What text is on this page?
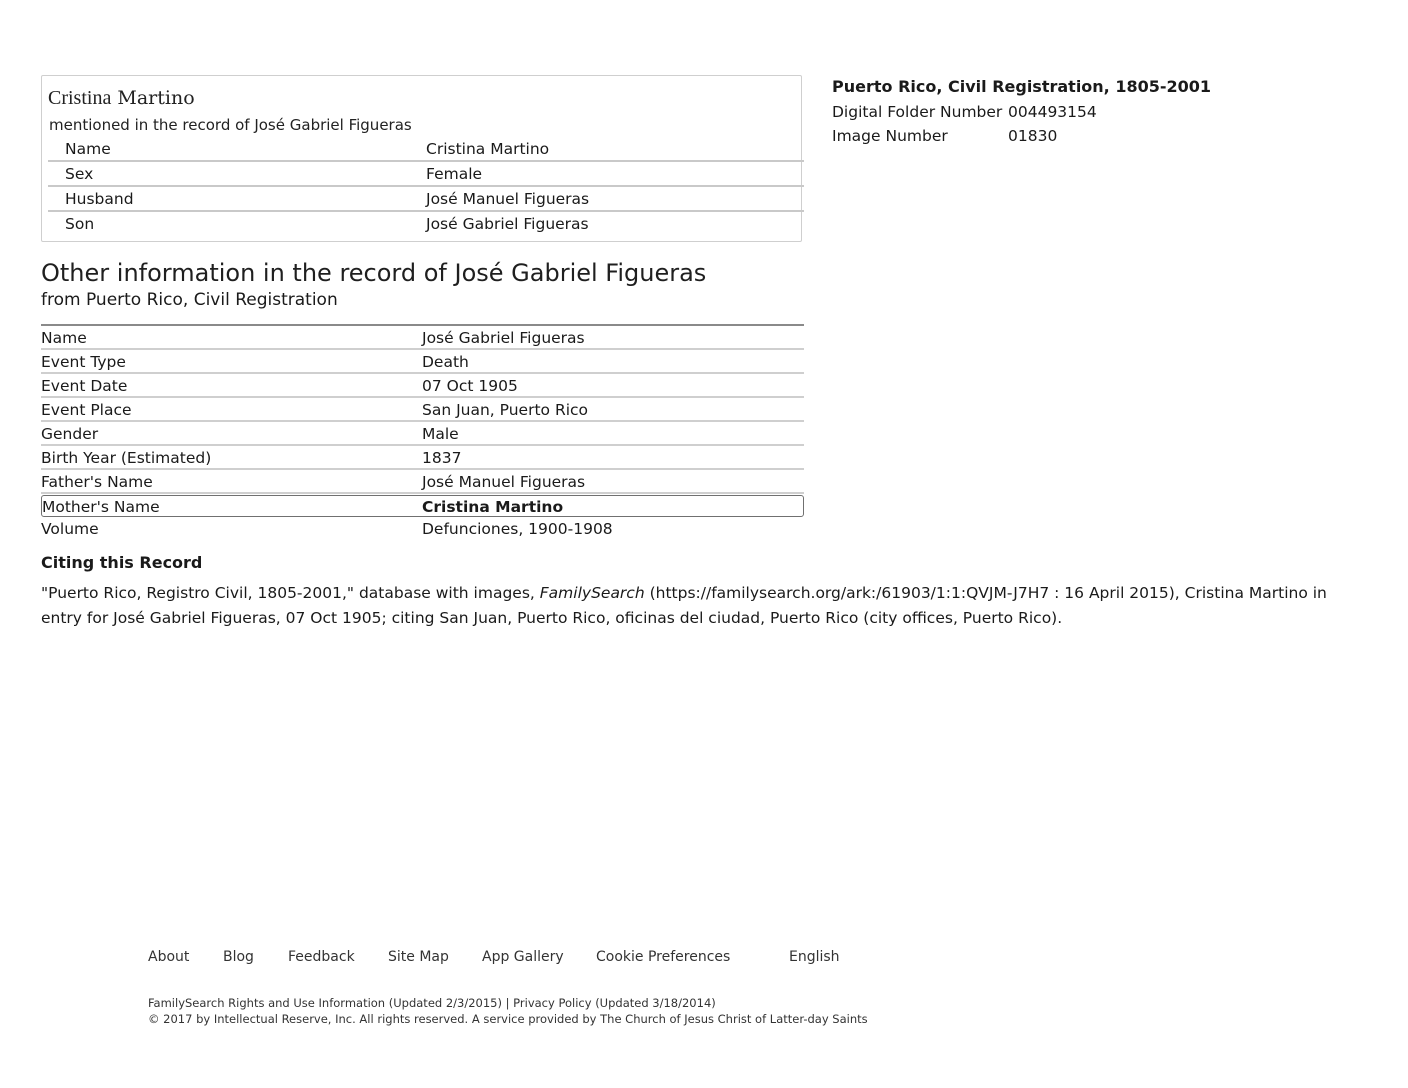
Cristina Martino
mentioned in the record of José Gabriel Figueras
Name	Cristina Martino
Sex	Female
Husband	José Manuel Figueras
Son	José Gabriel Figueras
Puerto Rico, Civil Registration, 1805-2001
Digital Folder Number 004493154
Image Number	01830
Other information in the record of José Gabriel Figueras
from Puerto Rico, Civil Registration
Name	José Gabriel Figueras
Event Type	Death
Event Date	07 Oct 1905
Event Place	San Juan, Puerto Rico
Gender	Male
Birth Year (Estimated)	1837
Father's Name	José Manuel Figueras
Mother's Name	Cristina Martino
Volume	Defunciones, 1900-1908
Citing this Record
"Puerto Rico, Registro Civil, 1805-2001," database with images, FamilySearch (https://familysearch.org/ark:/61903/1:1:QVJM-J7H7 : 16 April 2015), Cristina Martino in entry for José Gabriel Figueras, 07 Oct 1905; citing San Juan, Puerto Rico, oficinas del ciudad, Puerto Rico (city offices, Puerto Rico).
About Blog Feedback Site Map App Gallery Cookie Preferences	English
FamilySearch Rights and Use Information (Updated 2/3/2015) | Privacy Policy (Updated 3/18/2014)
© 2017 by Intellectual Reserve, Inc. All rights reserved. A service provided by The Church of Jesus Christ of Latter-day Saints
